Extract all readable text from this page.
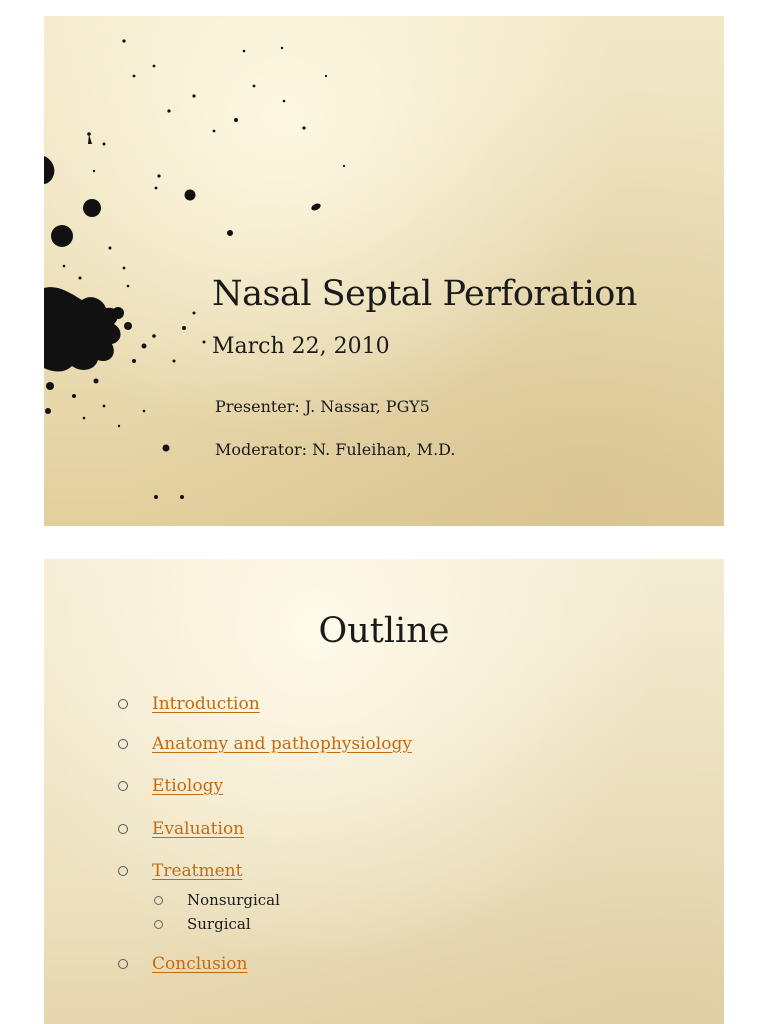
Nasal Septal Perforation
March 22, 2010
Presenter: J. Nassar, PGY5
Moderator: N. Fuleihan, M.D.
Outline
Introduction
Anatomy and pathophysiology
Etiology
Evaluation
Treatment
Nonsurgical
Surgical
Conclusion
